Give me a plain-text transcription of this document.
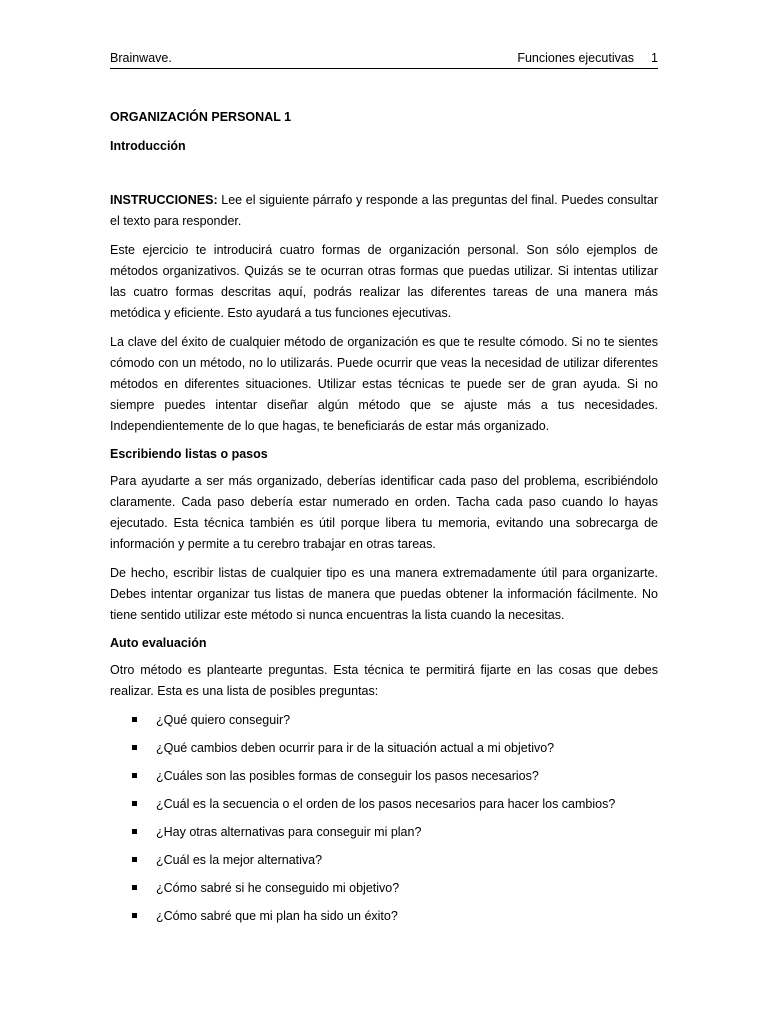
Brainwave.	Funciones ejecutivas 1

ORGANIZACIÓN PERSONAL 1

Introducción

INSTRUCCIONES: Lee el siguiente párrafo y responde a las preguntas del final. Puedes consultar el texto para responder.

Este ejercicio te introducirá cuatro formas de organización personal. Son sólo ejemplos de métodos organizativos. Quizás se te ocurran otras formas que puedas utilizar. Si intentas utilizar las cuatro formas descritas aquí, podrás realizar las diferentes tareas de una manera más metódica y eficiente. Esto ayudará a tus funciones ejecutivas.

La clave del éxito de cualquier método de organización es que te resulte cómodo. Si no te sientes cómodo con un método, no lo utilizarás. Puede ocurrir que veas la necesidad de utilizar diferentes métodos en diferentes situaciones. Utilizar estas técnicas te puede ser de gran ayuda. Si no siempre puedes intentar diseñar algún método que se ajuste más a tus necesidades. Independientemente de lo que hagas, te beneficiarás de estar más organizado.

Escribiendo listas o pasos

Para ayudarte a ser más organizado, deberías identificar cada paso del problema, escribiéndolo claramente. Cada paso debería estar numerado en orden. Tacha cada paso cuando lo hayas ejecutado. Esta técnica también es útil porque libera tu memoria, evitando una sobrecarga de información y permite a tu cerebro trabajar en otras tareas.

De hecho, escribir listas de cualquier tipo es una manera extremadamente útil para organizarte. Debes intentar organizar tus listas de manera que puedas obtener la información fácilmente. No tiene sentido utilizar este método si nunca encuentras la lista cuando la necesitas.

Auto evaluación

Otro método es plantearte preguntas. Esta técnica te permitirá fijarte en las cosas que debes realizar. Esta es una lista de posibles preguntas:

¿Qué quiero conseguir?
¿Qué cambios deben ocurrir para ir de la situación actual a mi objetivo?
¿Cuáles son las posibles formas de conseguir los pasos necesarios?
¿Cuál es la secuencia o el orden de los pasos necesarios para hacer los cambios?
¿Hay otras alternativas para conseguir mi plan?
¿Cuál es la mejor alternativa?
¿Cómo sabré si he conseguido mi objetivo?
¿Cómo sabré que mi plan ha sido un éxito?
